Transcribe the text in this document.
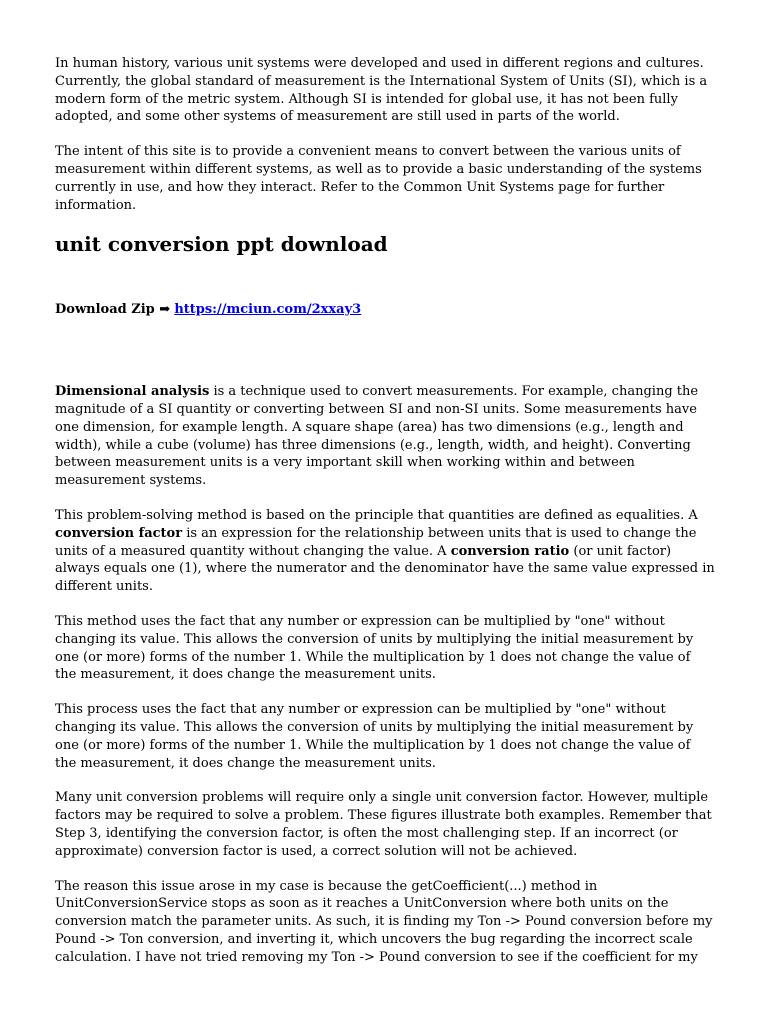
In human history, various unit systems were developed and used in different regions and cultures. Currently, the global standard of measurement is the International System of Units (SI), which is a modern form of the metric system. Although SI is intended for global use, it has not been fully adopted, and some other systems of measurement are still used in parts of the world.

The intent of this site is to provide a convenient means to convert between the various units of measurement within different systems, as well as to provide a basic understanding of the systems currently in use, and how they interact. Refer to the Common Unit Systems page for further information.

unit conversion ppt download

Download Zip ➡ https://mciun.com/2xxay3

Dimensional analysis is a technique used to convert measurements. For example, changing the magnitude of a SI quantity or converting between SI and non-SI units. Some measurements have one dimension, for example length. A square shape (area) has two dimensions (e.g., length and width), while a cube (volume) has three dimensions (e.g., length, width, and height). Converting between measurement units is a very important skill when working within and between measurement systems.

This problem-solving method is based on the principle that quantities are defined as equalities. A conversion factor is an expression for the relationship between units that is used to change the units of a measured quantity without changing the value. A conversion ratio (or unit factor) always equals one (1), where the numerator and the denominator have the same value expressed in different units.

This method uses the fact that any number or expression can be multiplied by "one" without changing its value. This allows the conversion of units by multiplying the initial measurement by one (or more) forms of the number 1. While the multiplication by 1 does not change the value of the measurement, it does change the measurement units.

This process uses the fact that any number or expression can be multiplied by "one" without changing its value. This allows the conversion of units by multiplying the initial measurement by one (or more) forms of the number 1. While the multiplication by 1 does not change the value of the measurement, it does change the measurement units.

Many unit conversion problems will require only a single unit conversion factor. However, multiple factors may be required to solve a problem. These figures illustrate both examples. Remember that Step 3, identifying the conversion factor, is often the most challenging step. If an incorrect (or approximate) conversion factor is used, a correct solution will not be achieved.

The reason this issue arose in my case is because the getCoefficient(...) method in UnitConversionService stops as soon as it reaches a UnitConversion where both units on the conversion match the parameter units. As such, it is finding my Ton -> Pound conversion before my Pound -> Ton conversion, and inverting it, which uncovers the bug regarding the incorrect scale calculation. I have not tried removing my Ton -> Pound conversion to see if the coefficient for my
